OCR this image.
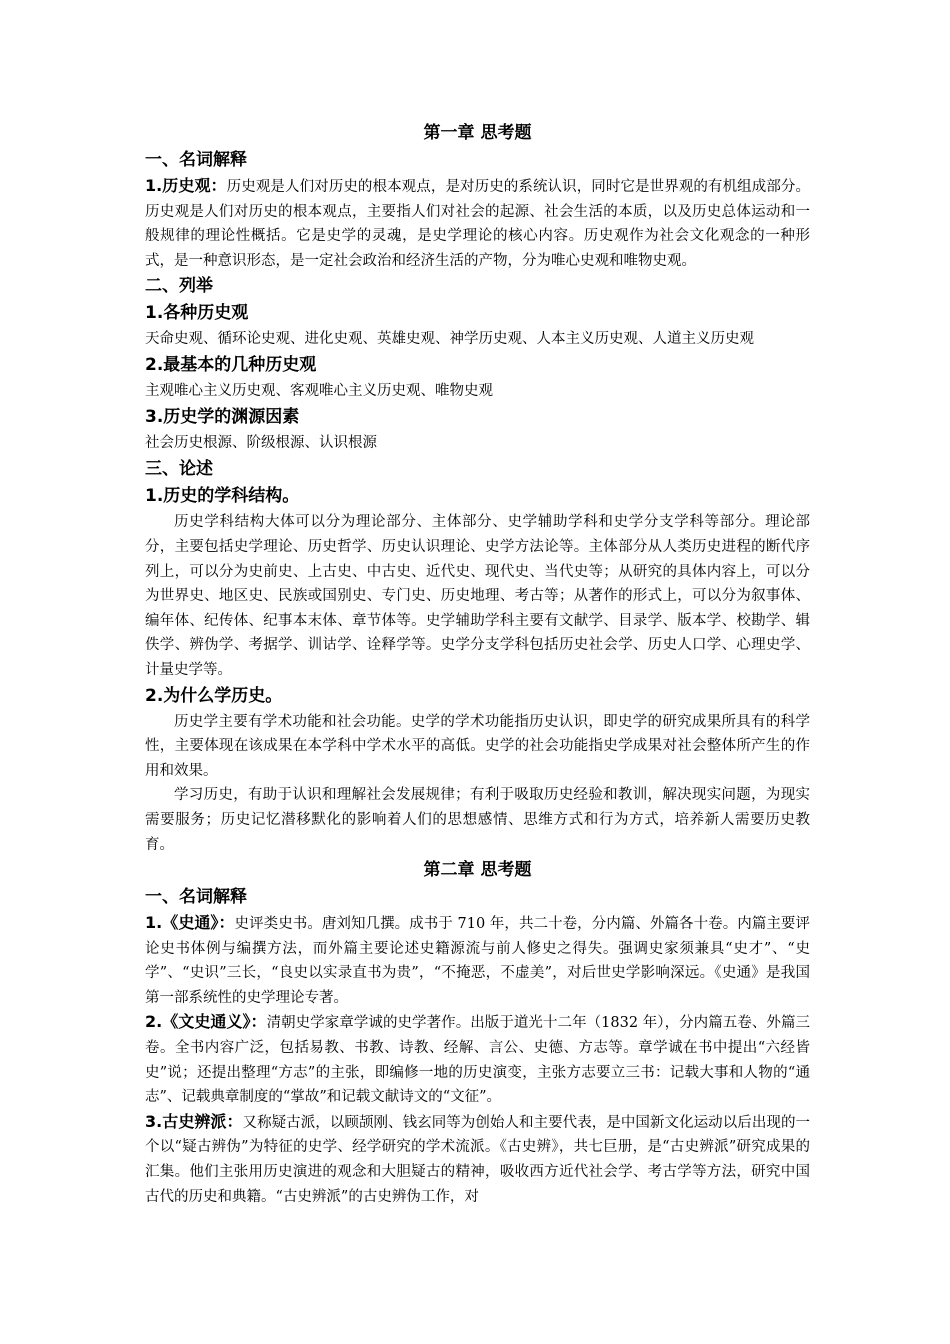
第一章 思考题
一、名词解释

1.历史观：历史观是人们对历史的根本观点，是对历史的系统认识，同时它是世界观的有机组成部分。历史观是人们对历史的根本观点，主要指人们对社会的起源、社会生活的本质，以及历史总体运动和一般规律的理论性概括。它是史学的灵魂，是史学理论的核心内容。历史观作为社会文化观念的一种形式，是一种意识形态，是一定社会政治和经济生活的产物，分为唯心史观和唯物史观。

二、列举
1.各种历史观

天命史观、循环论史观、进化史观、英雄史观、神学历史观、人本主义历史观、人道主义历史观

2.最基本的几种历史观

主观唯心主义历史观、客观唯心主义历史观、唯物史观

3.历史学的渊源因素

社会历史根源、阶级根源、认识根源

三、论述
1.历史的学科结构。

历史学科结构大体可以分为理论部分、主体部分、史学辅助学科和史学分支学科等部分。理论部分，主要包括史学理论、历史哲学、历史认识理论、史学方法论等。主体部分从人类历史进程的断代序列上，可以分为史前史、上古史、中古史、近代史、现代史、当代史等；从研究的具体内容上，可以分为世界史、地区史、民族或国别史、专门史、历史地理、考古等；从著作的形式上，可以分为叙事体、编年体、纪传体、纪事本末体、章节体等。史学辅助学科主要有文献学、目录学、版本学、校勘学、辑佚学、辨伪学、考据学、训诂学、诠释学等。史学分支学科包括历史社会学、历史人口学、心理史学、计量史学等。

2.为什么学历史。

历史学主要有学术功能和社会功能。史学的学术功能指历史认识，即史学的研究成果所具有的科学性，主要体现在该成果在本学科中学术水平的高低。史学的社会功能指史学成果对社会整体所产生的作用和效果。

学习历史，有助于认识和理解社会发展规律；有利于吸取历史经验和教训，解决现实问题，为现实需要服务；历史记忆潜移默化的影响着人们的思想感情、思维方式和行为方式，培养新人需要历史教育。

第二章 思考题
一、名词解释

1.《史通》：史评类史书。唐刘知几撰。成书于 710 年，共二十卷，分内篇、外篇各十卷。内篇主要评论史书体例与编撰方法，而外篇主要论述史籍源流与前人修史之得失。强调史家须兼具“史才”、“史学”、“史识”三长，“良史以实录直书为贵”，“不掩恶，不虚美”，对后世史学影响深远。《史通》是我国第一部系统性的史学理论专著。

2.《文史通义》：清朝史学家章学诚的史学著作。出版于道光十二年（1832 年），分内篇五卷、外篇三卷。全书内容广泛，包括易教、书教、诗教、经解、言公、史德、方志等。章学诚在书中提出“六经皆史”说；还提出整理“方志”的主张，即编修一地的历史演变，主张方志要立三书：记载大事和人物的“通志”、记载典章制度的“掌故”和记载文献诗文的“文征”。

3.古史辨派：又称疑古派，以顾颉刚、钱玄同等为创始人和主要代表，是中国新文化运动以后出现的一个以“疑古辨伪”为特征的史学、经学研究的学术流派。《古史辨》，共七巨册，是“古史辨派”研究成果的汇集。他们主张用历史演进的观念和大胆疑古的精神，吸收西方近代社会学、考古学等方法，研究中国古代的历史和典籍。“古史辨派”的古史辨伪工作，对
